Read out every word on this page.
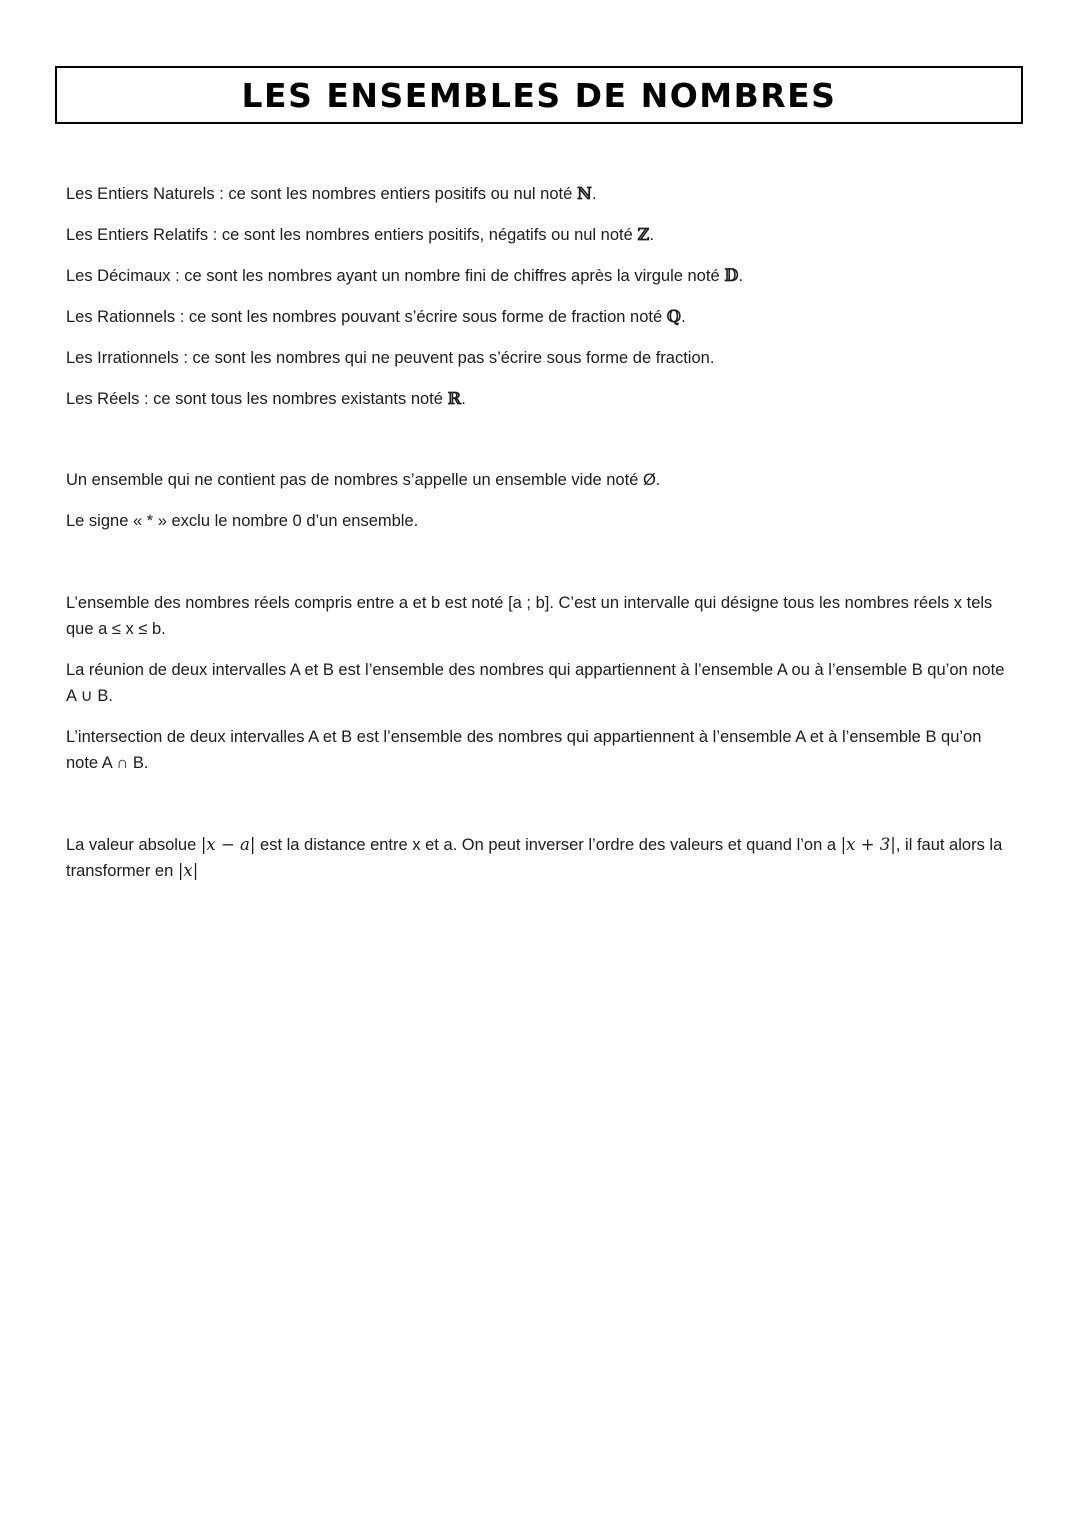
LES ENSEMBLES DE NOMBRES

Les Entiers Naturels : ce sont les nombres entiers positifs ou nul noté ℕ.

Les Entiers Relatifs : ce sont les nombres entiers positifs, négatifs ou nul noté ℤ.

Les Décimaux : ce sont les nombres ayant un nombre fini de chiffres après la virgule noté 𝔻.

Les Rationnels : ce sont les nombres pouvant s’écrire sous forme de fraction noté ℚ.

Les Irrationnels : ce sont les nombres qui ne peuvent pas s’écrire sous forme de fraction.

Les Réels : ce sont tous les nombres existants noté ℝ.

Un ensemble qui ne contient pas de nombres s’appelle un ensemble vide noté Ø.

Le signe « * » exclu le nombre 0 d’un ensemble.

L’ensemble des nombres réels compris entre a et b est noté [a ; b]. C’est un intervalle qui désigne tous les nombres réels x tels que a ≤ x ≤ b.

La réunion de deux intervalles A et B est l’ensemble des nombres qui appartiennent à l’ensemble A ou à l’ensemble B qu’on note A ∪ B.

L’intersection de deux intervalles A et B est l’ensemble des nombres qui appartiennent à l’ensemble A et à l’ensemble B qu’on note A ∩ B.

La valeur absolue |x − a| est la distance entre x et a. On peut inverser l’ordre des valeurs et quand l’on a |x + 3|, il faut alors la transformer en |x|
